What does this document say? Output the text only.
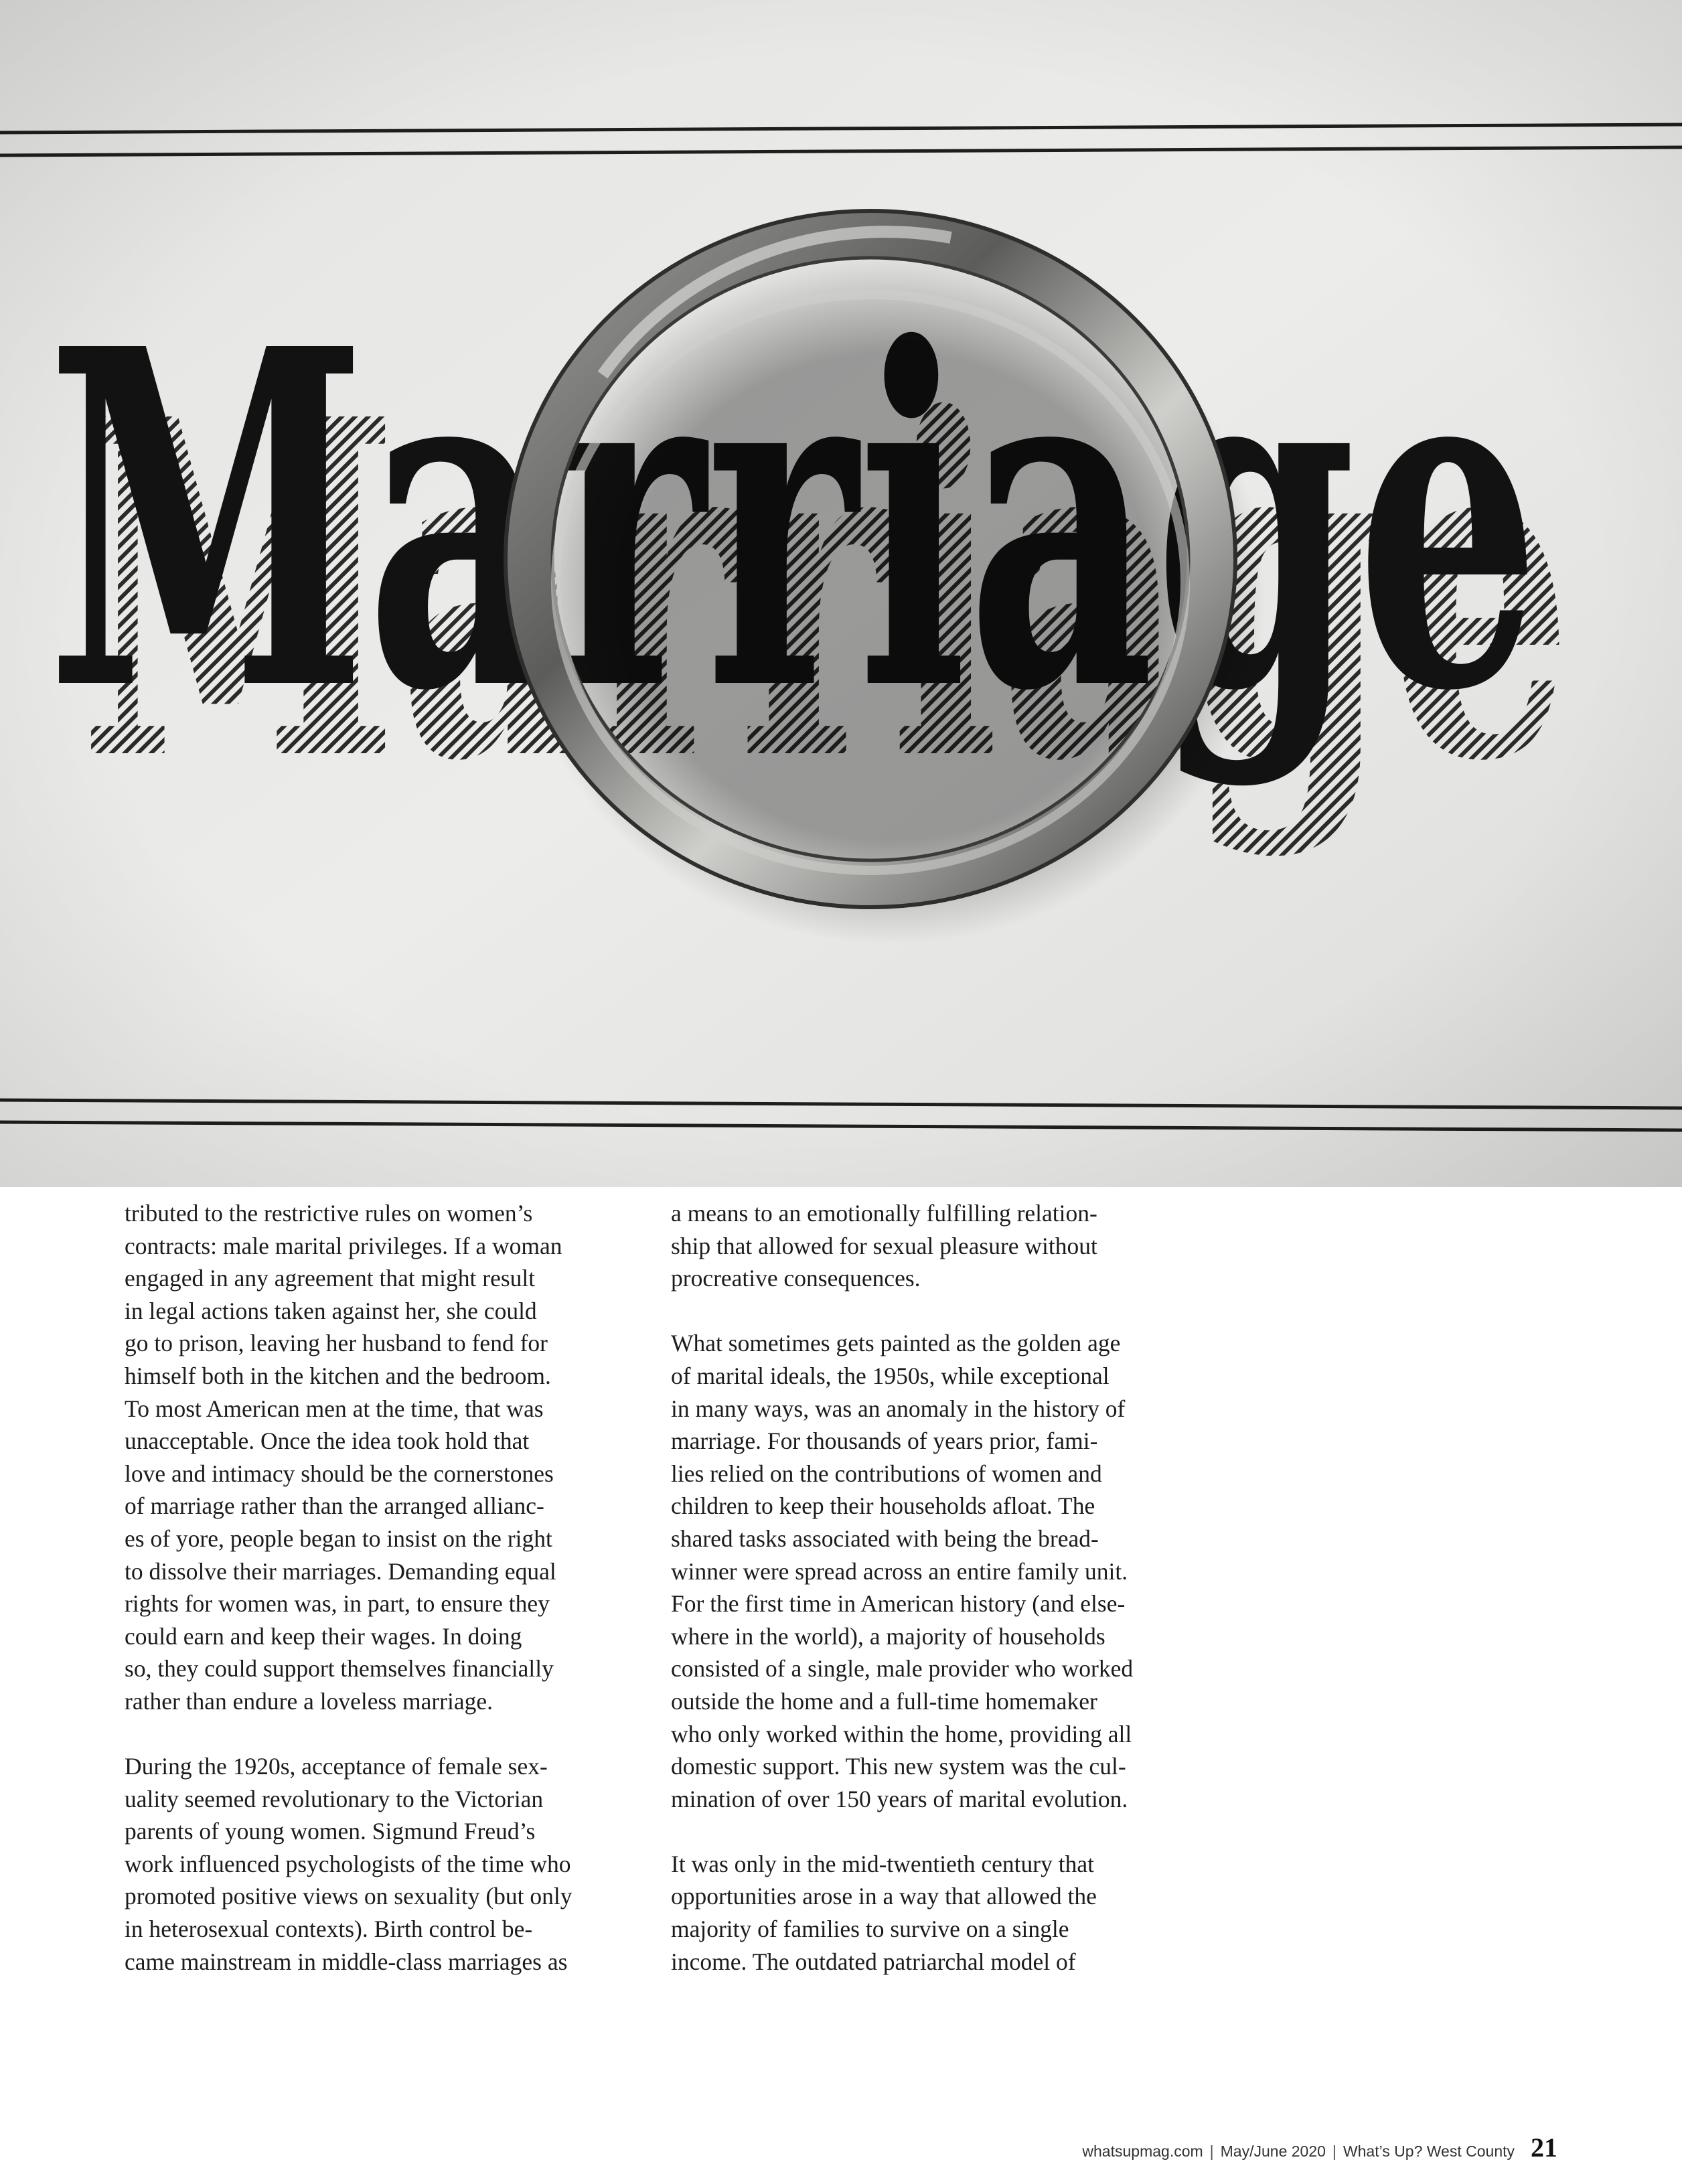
tributed to the restrictive rules on women’s
contracts: male marital privileges. If a woman
engaged in any agreement that might result
in legal actions taken against her, she could
go to prison, leaving her husband to fend for
himself both in the kitchen and the bedroom.
To most American men at the time, that was
unacceptable. Once the idea took hold that
love and intimacy should be the cornerstones
of marriage rather than the arranged allianc-
es of yore, people began to insist on the right
to dissolve their marriages. Demanding equal
rights for women was, in part, to ensure they
could earn and keep their wages. In doing
so, they could support themselves financially
rather than endure a loveless marriage.

During the 1920s, acceptance of female sex-
uality seemed revolutionary to the Victorian
parents of young women. Sigmund Freud’s
work influenced psychologists of the time who
promoted positive views on sexuality (but only
in heterosexual contexts). Birth control be-
came mainstream in middle-class marriages as

a means to an emotionally fulfilling relation-
ship that allowed for sexual pleasure without
procreative consequences.

What sometimes gets painted as the golden age
of marital ideals, the 1950s, while exceptional
in many ways, was an anomaly in the history of
marriage. For thousands of years prior, fami-
lies relied on the contributions of women and
children to keep their households afloat. The
shared tasks associated with being the bread-
winner were spread across an entire family unit.
For the first time in American history (and else-
where in the world), a majority of households
consisted of a single, male provider who worked
outside the home and a full-time homemaker
who only worked within the home, providing all
domestic support. This new system was the cul-
mination of over 150 years of marital evolution.

It was only in the mid-twentieth century that
opportunities arose in a way that allowed the
majority of families to survive on a single
income. The outdated patriarchal model of

whatsupmag.com | May/June 2020 | What’s Up? West County 21
